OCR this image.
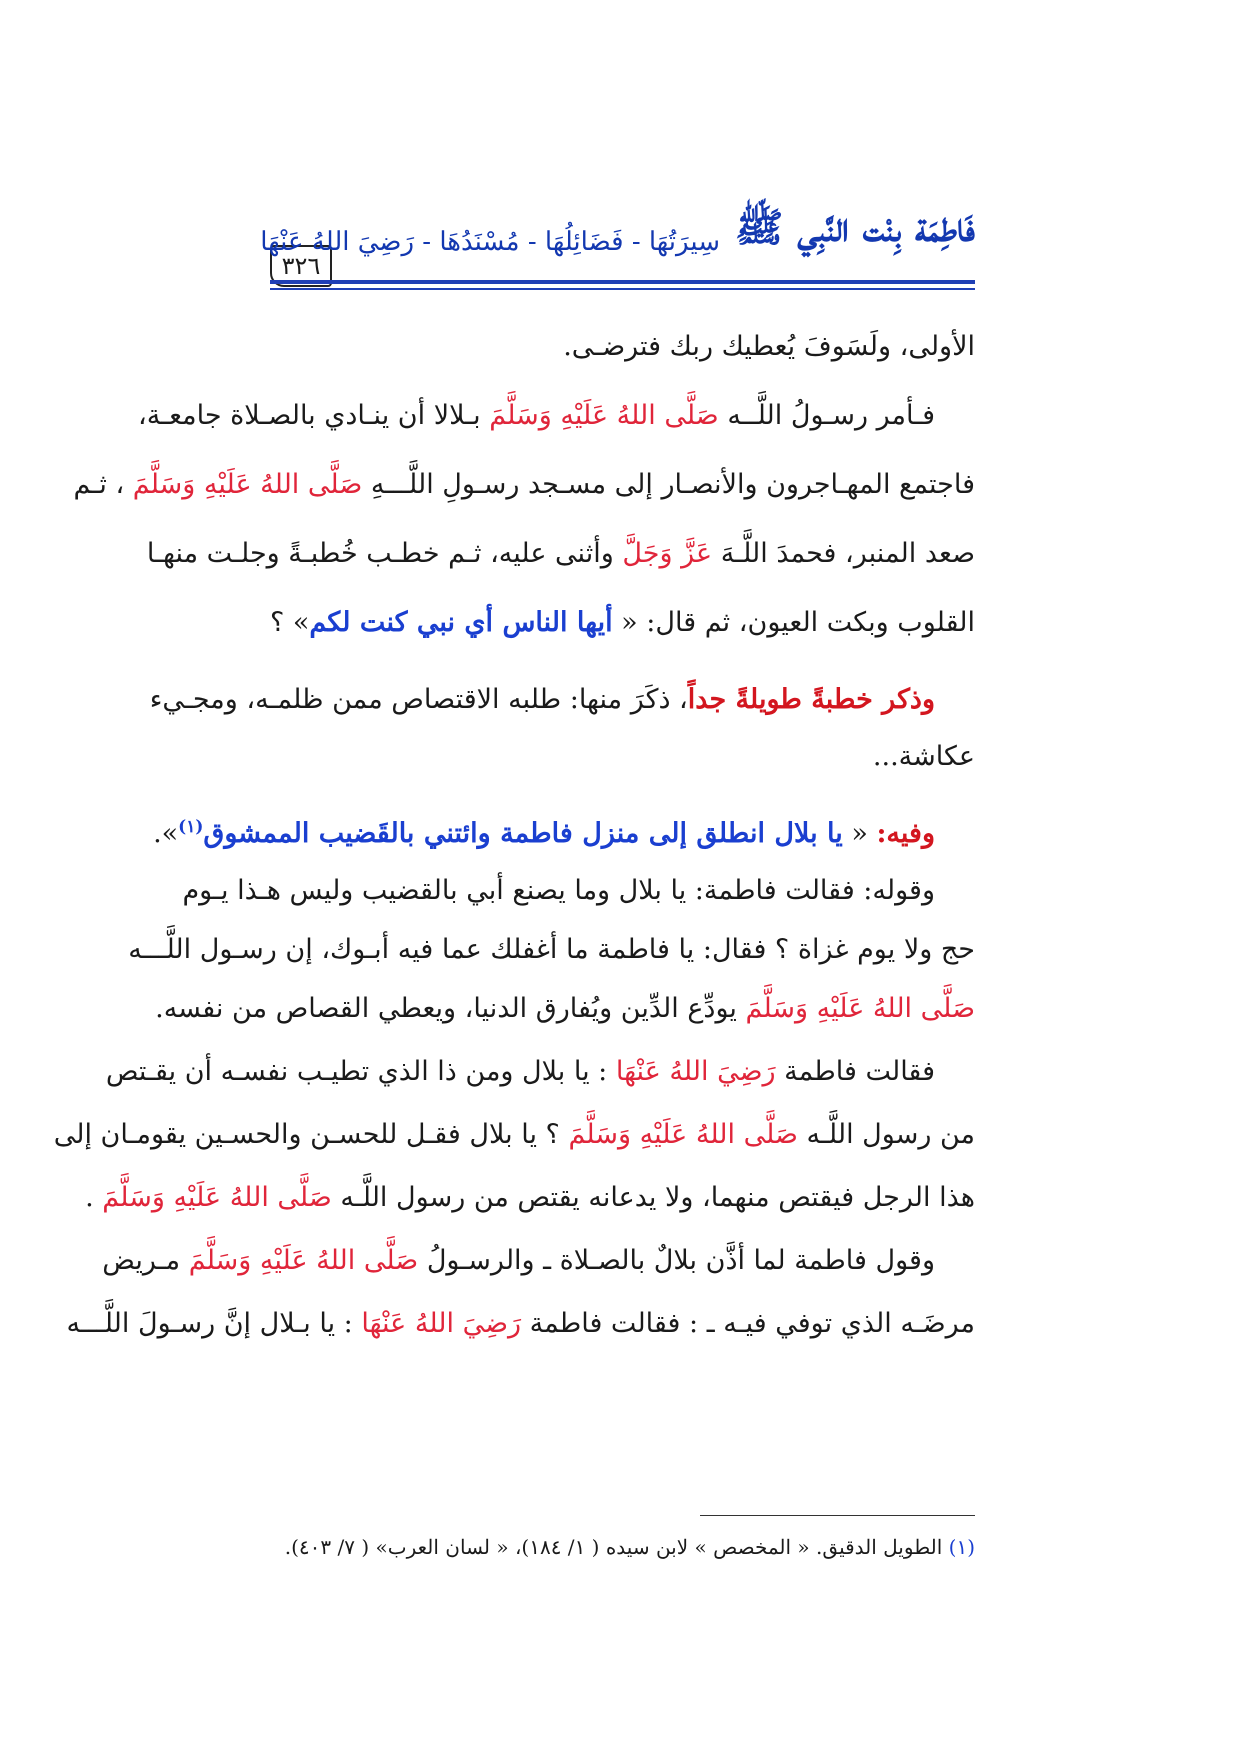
٣٢٦
فَاطِمَة بِنْت النَّبِي ﷺ
سِيرَتُهَا - فَضَائِلُهَا - مُسْنَدُهَا - رَضِيَ اللهُ عَنْهَا
الأولى، ولَسَوفَ يُعطيك ربك فترضـى.
فـأمر رسـولُ اللَّــه صَلَّى اللهُ عَلَيْهِ وَسَلَّمَ بـلالا أن ينـادي بالصـلاة جامعـة،
فاجتمع المهـاجرون والأنصـار إلى مسـجد رسـولِ اللَّـــهِ صَلَّى اللهُ عَلَيْهِ وَسَلَّمَ ، ثـم
صعد المنبر، فحمدَ اللَّـهَ عَزَّ وَجَلَّ وأثنى عليه، ثـم خطـب خُطبـةً وجلـت منهـا
القلوب وبكت العيون، ثم قال: « أيها الناس أي نبي كنت لكم» ؟
وذكر خطبةً طويلةً جداً، ذكَرَ منها: طلبه الاقتصاص ممن ظلمـه، ومجـيء
عكاشة...
وفيه: « يا بلال انطلق إلى منزل فاطمة وائتني بالقَضيب الممشوق$^{(١)}$».
وقوله: فقالت فاطمة: يا بلال وما يصنع أبي بالقضيب وليس هـذا يـوم
حج ولا يوم غزاة ؟ فقال: يا فاطمة ما أغفلك عما فيه أبـوك، إن رسـول اللَّـــه
صَلَّى اللهُ عَلَيْهِ وَسَلَّمَ يودِّع الدِّين ويُفارق الدنيا، ويعطي القصاص من نفسه.
فقالت فاطمة رَضِيَ اللهُ عَنْهَا : يا بلال ومن ذا الذي تطيـب نفسـه أن يقـتص
من رسول اللَّـه صَلَّى اللهُ عَلَيْهِ وَسَلَّمَ ؟ يا بلال فقـل للحسـن والحسـين يقومـان إلى
هذا الرجل فيقتص منهما، ولا يدعانه يقتص من رسول اللَّـه صَلَّى اللهُ عَلَيْهِ وَسَلَّمَ .
وقول فاطمة لما أذَّن بلالٌ بالصـلاة ـ والرسـولُ صَلَّى اللهُ عَلَيْهِ وَسَلَّمَ مـريض
مرضَـه الذي توفي فيـه ـ : فقالت فاطمة رَضِيَ اللهُ عَنْهَا : يا بـلال إنَّ رسـولَ اللَّـــه
(١) الطويل الدقيق. « المخصص » لابن سيده ( ١/ ١٨٤)، « لسان العرب» ( ٧/ ٤٠٣).
